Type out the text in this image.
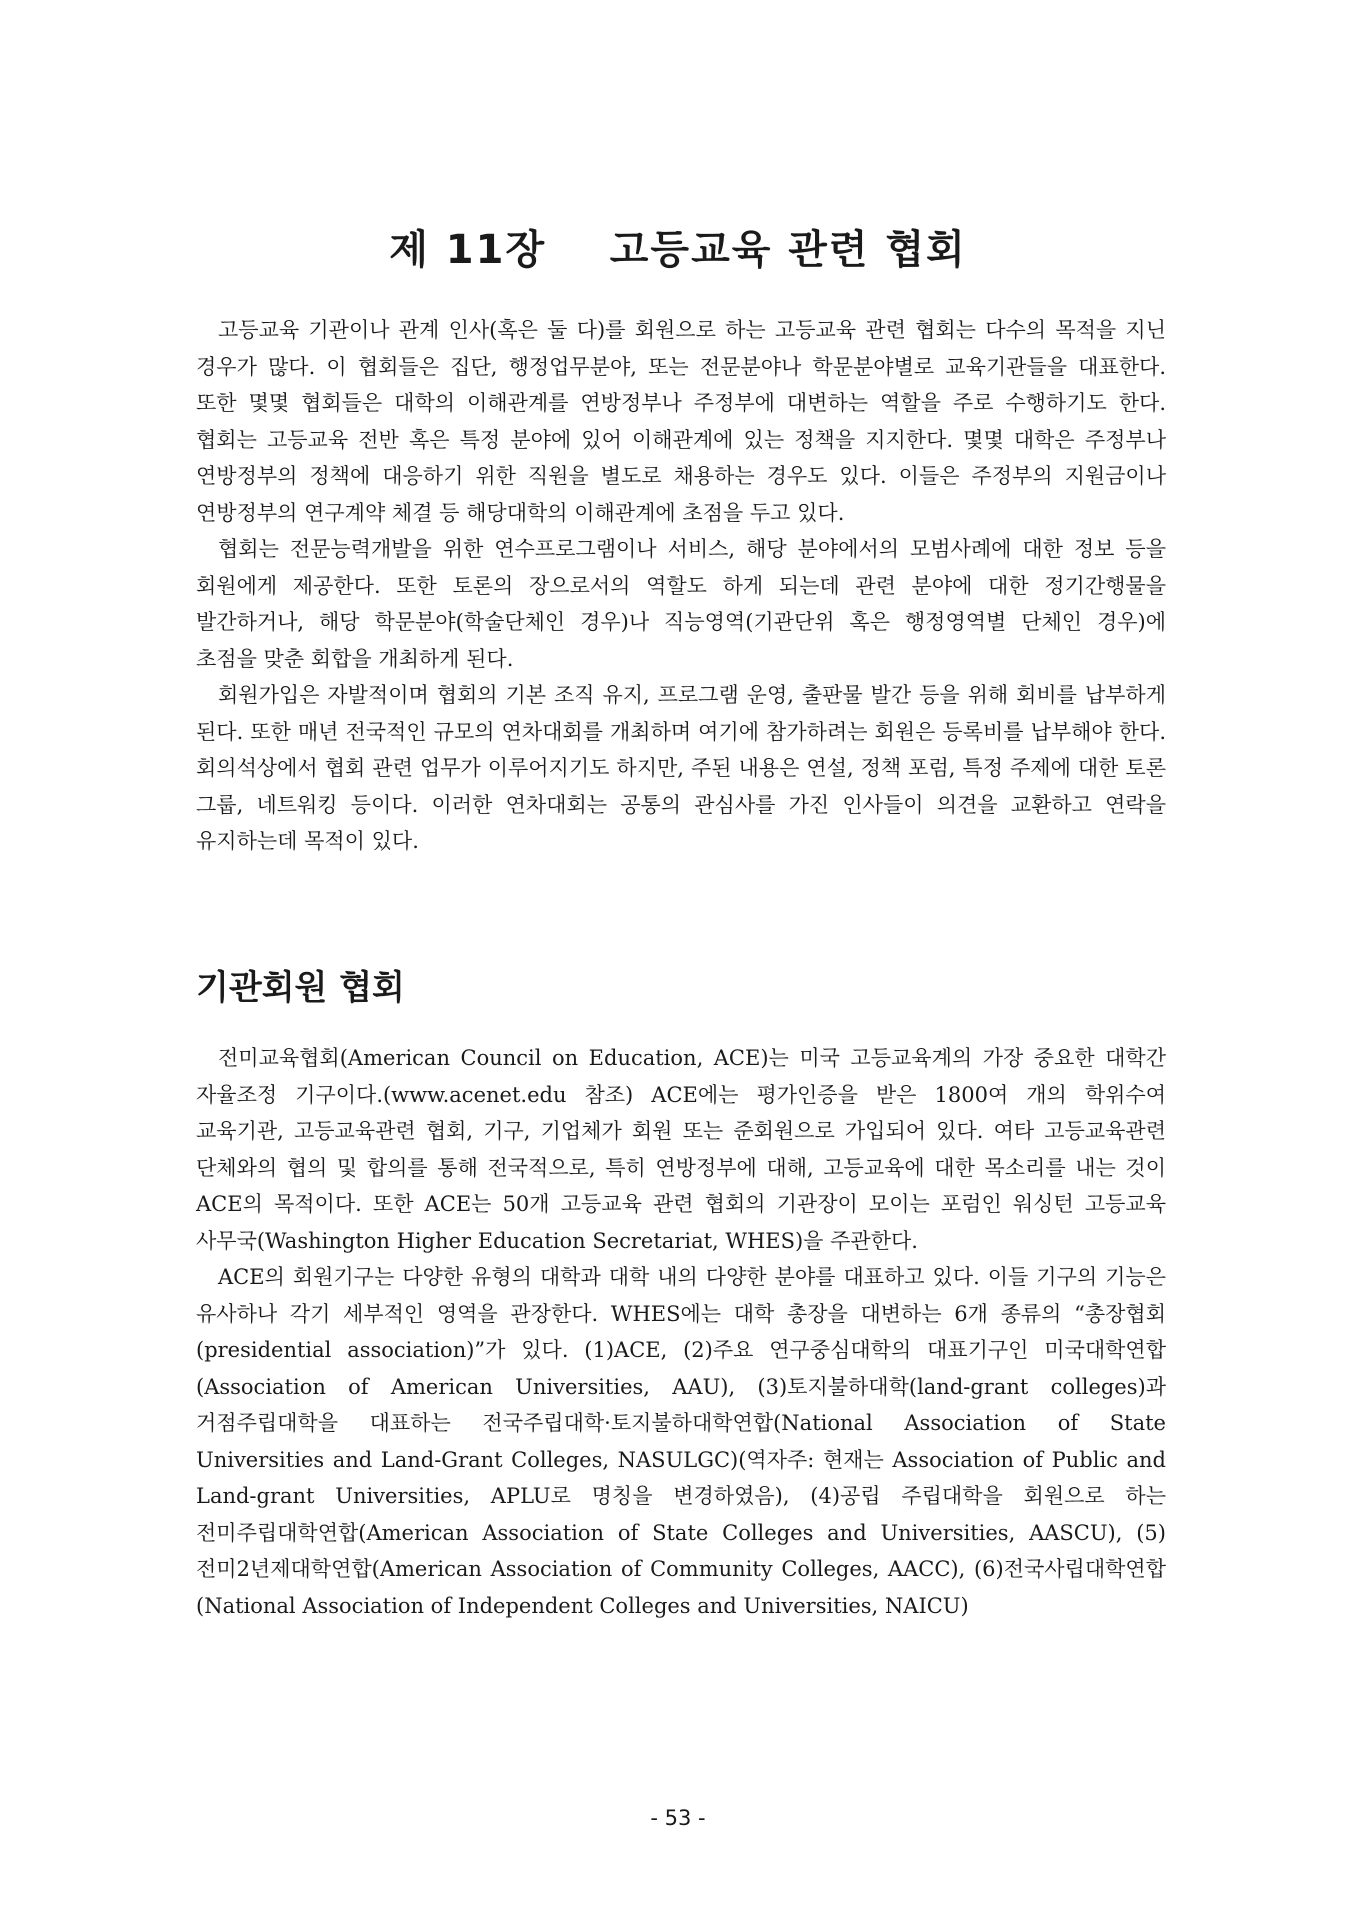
제 11장    고등교육 관련 협회

고등교육 기관이나 관계 인사(혹은 둘 다)를 회원으로 하는 고등교육 관련 협회는 다수의 목적을 지닌 경우가 많다. 이 협회들은 집단, 행정업무분야, 또는 전문분야나 학문분야별로 교육기관들을 대표한다. 또한 몇몇 협회들은 대학의 이해관계를 연방정부나 주정부에 대변하는 역할을 주로 수행하기도 한다. 협회는 고등교육 전반 혹은 특정 분야에 있어 이해관계에 있는 정책을 지지한다. 몇몇 대학은 주정부나 연방정부의 정책에 대응하기 위한 직원을 별도로 채용하는 경우도 있다. 이들은 주정부의 지원금이나 연방정부의 연구계약 체결 등 해당대학의 이해관계에 초점을 두고 있다.

협회는 전문능력개발을 위한 연수프로그램이나 서비스, 해당 분야에서의 모범사례에 대한 정보 등을 회원에게 제공한다. 또한 토론의 장으로서의 역할도 하게 되는데 관련 분야에 대한 정기간행물을 발간하거나, 해당 학문분야(학술단체인 경우)나 직능영역(기관단위 혹은 행정영역별 단체인 경우)에 초점을 맞춘 회합을 개최하게 된다.

회원가입은 자발적이며 협회의 기본 조직 유지, 프로그램 운영, 출판물 발간 등을 위해 회비를 납부하게 된다. 또한 매년 전국적인 규모의 연차대회를 개최하며 여기에 참가하려는 회원은 등록비를 납부해야 한다. 회의석상에서 협회 관련 업무가 이루어지기도 하지만, 주된 내용은 연설, 정책 포럼, 특정 주제에 대한 토론 그룹, 네트워킹 등이다. 이러한 연차대회는 공통의 관심사를 가진 인사들이 의견을 교환하고 연락을 유지하는데 목적이 있다.

기관회원 협회

전미교육협회(American Council on Education, ACE)는 미국 고등교육계의 가장 중요한 대학간 자율조정 기구이다.(www.acenet.edu 참조) ACE에는 평가인증을 받은 1800여 개의 학위수여 교육기관, 고등교육관련 협회, 기구, 기업체가 회원 또는 준회원으로 가입되어 있다. 여타 고등교육관련 단체와의 협의 및 합의를 통해 전국적으로, 특히 연방정부에 대해, 고등교육에 대한 목소리를 내는 것이 ACE의 목적이다. 또한 ACE는 50개 고등교육 관련 협회의 기관장이 모이는 포럼인 워싱턴 고등교육 사무국(Washington Higher Education Secretariat, WHES)을 주관한다.

ACE의 회원기구는 다양한 유형의 대학과 대학 내의 다양한 분야를 대표하고 있다. 이들 기구의 기능은 유사하나 각기 세부적인 영역을 관장한다. WHES에는 대학 총장을 대변하는 6개 종류의 “총장협회(presidential association)”가 있다. (1)ACE, (2)주요 연구중심대학의 대표기구인 미국대학연합(Association of American Universities, AAU), (3)토지불하대학(land-grant colleges)과 거점주립대학을 대표하는 전국주립대학·토지불하대학연합(National Association of State Universities and Land-Grant Colleges, NASULGC)(역자주: 현재는 Association of Public and Land-grant Universities, APLU로 명칭을 변경하였음), (4)공립 주립대학을 회원으로 하는 전미주립대학연합(American Association of State Colleges and Universities, AASCU), (5)전미2년제대학연합(American Association of Community Colleges, AACC), (6)전국사립대학연합(National Association of Independent Colleges and Universities, NAICU)

- 53 -
